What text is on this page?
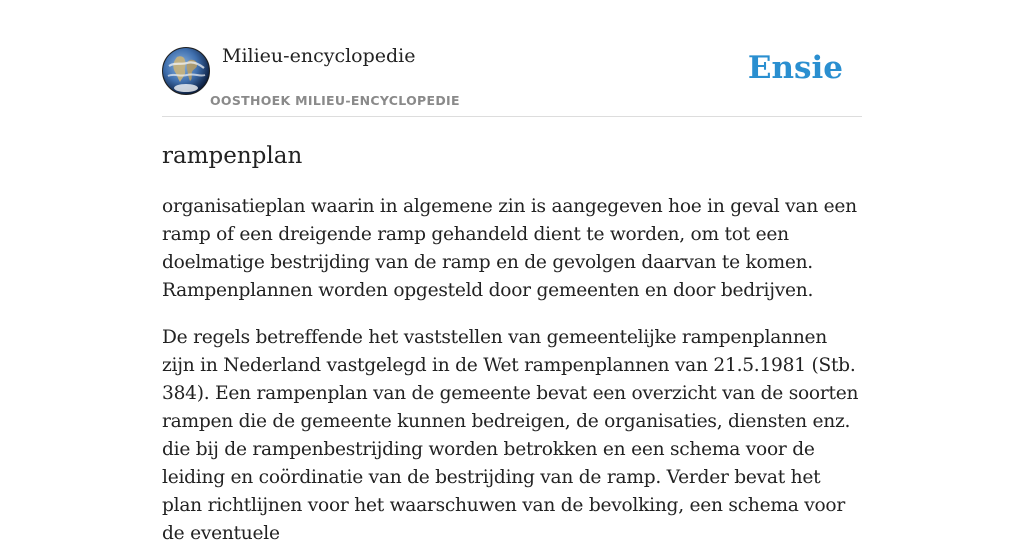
Milieu-encyclopedie
OOSTHOEK MILIEU-ENCYCLOPEDIE
Ensie
rampenplan

organisatieplan waarin in algemene zin is aangegeven hoe in geval van een ramp of een dreigende ramp gehandeld dient te worden, om tot een doelmatige bestrijding van de ramp en de gevolgen daarvan te komen. Rampenplannen worden opgesteld door gemeenten en door bedrijven.

De regels betreffende het vaststellen van gemeentelijke rampenplannen zijn in Nederland vastgelegd in de Wet rampenplannen van 21.5.1981 (Stb. 384). Een rampenplan van de gemeente bevat een overzicht van de soorten rampen die de gemeente kunnen bedreigen, de organisaties, diensten enz. die bij de rampenbestrijding worden betrokken en een schema voor de leiding en coördinatie van de bestrijding van de ramp. Verder bevat het plan richtlijnen voor het waarschuwen van de bevolking, een schema voor de eventuele
